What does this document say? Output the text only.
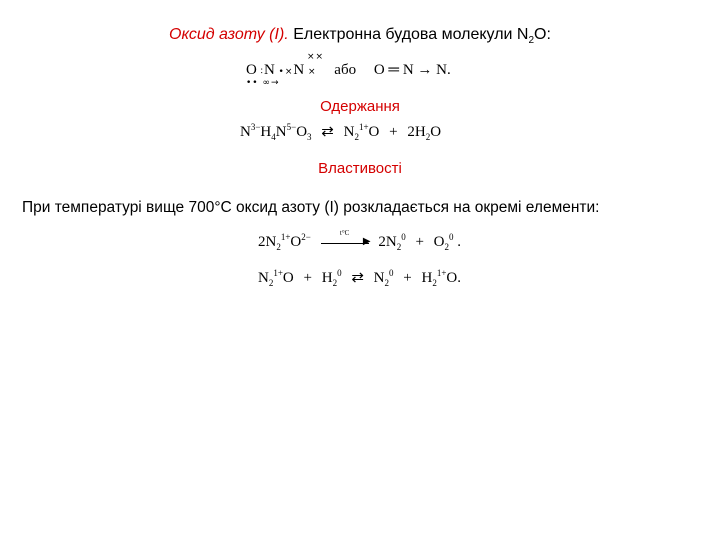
Оксид азоту (I). Електронна будова молекули $N_2O$:
××
O ∶N •×N × або O ═ N → N.
•• ∞→
Одержання
$N^{3-}H_4N^{5-}O_3$ ⇄ $N_2^{1+}O + 2H_2O$
Властивості
При температурі вище 700°С оксид азоту (І) розкладається на окремі елементи:
$2N_2^{1+}O^{2-}$	t°C
▶ $2N_2^0 + O_2^0$ .
$N_2^{1+}O + H_2^0$ ⇄ $N_2^0 + H_2^{1+}O$.
